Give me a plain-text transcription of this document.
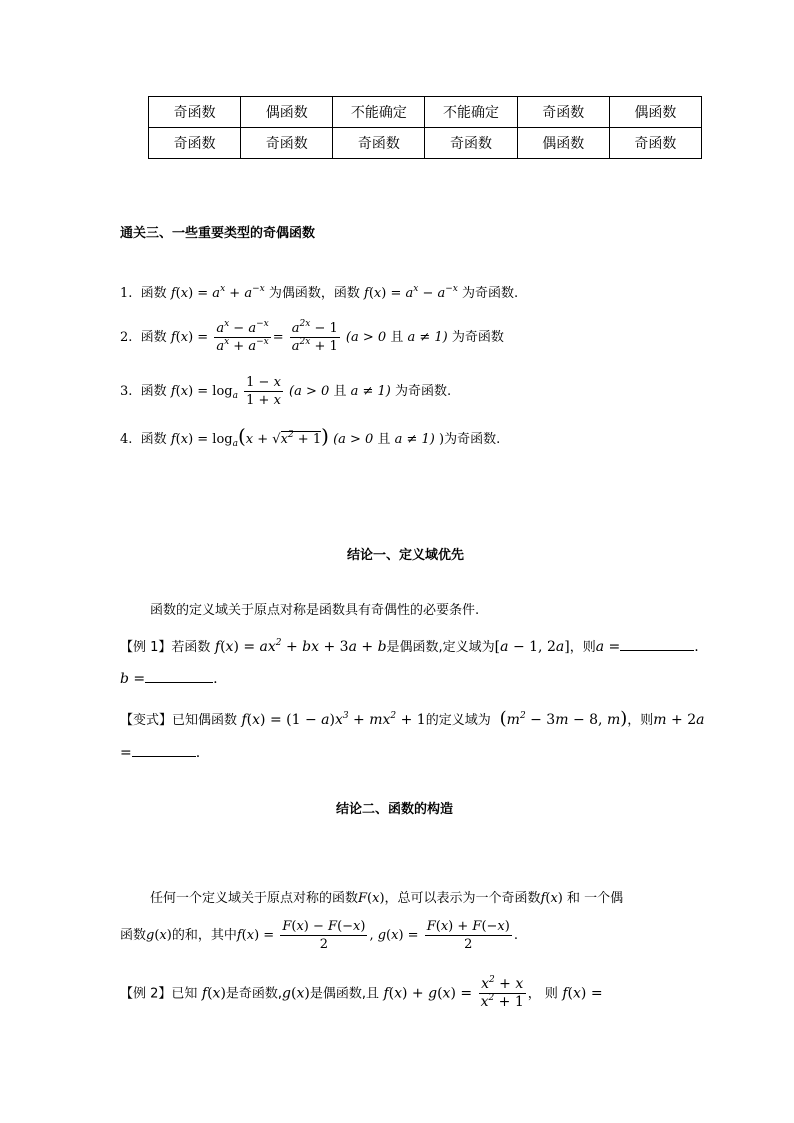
奇函数	偶函数	不能确定	不能确定	奇函数	偶函数
奇函数	奇函数	奇函数	奇函数	偶函数	奇函数
通关三、一些重要类型的奇偶函数
1. 函数 $f(x) = a^x + a^{-x}$ 为偶函数，函数 $f(x) = a^x - a^{-x}$ 为奇函数.
2. 函数 $f(x) = \frac{a^x - a^{-x}}{a^x + a^{-x}} = \frac{a^{2x} - 1}{a^{2x} + 1} (a > 0$ 且 a ≠ 1) 为奇函数
3. 函数 $f(x) = \log_a \frac{1 - x}{1 + x} (a > 0$ 且 a ≠ 1) 为奇函数.
4. 函数 $f(x) = \log_a(x + √x^2 + 1) (a > 0$ 且 a ≠ 1) )为奇函数.
结论一、定义域优先
函数的定义域关于原点对称是函数具有奇偶性的必要条件.
【例 1】若函数 $f(x) = ax^2$ + bx + 3a + b是偶函数,定义域为[a − 1, 2a]，则a =	.
b =	.
【变式】已知偶函数 $f(x) = (1 - a)x^3 + mx^2 + 1$的定义域为 ($m^2 - 3m - 8$, m)，则m + 2a
=	.
结论二、函数的构造
任何一个定义域关于原点对称的函数F(x)，总可以表示为一个奇函数f(x) 和 一个偶
函数g(x)的和，其中$f(x) = \frac{F(x) - F(-x)}{2}$ , $g(x) = \frac{F(x) + F(-x)}{2}$ .
【例 2】已知 f(x)是奇函数,g(x)是偶函数,且 $f(x) + g(x) = \frac{x^2 + x}{x^2 + 1}$ ， 则 f(x) =
